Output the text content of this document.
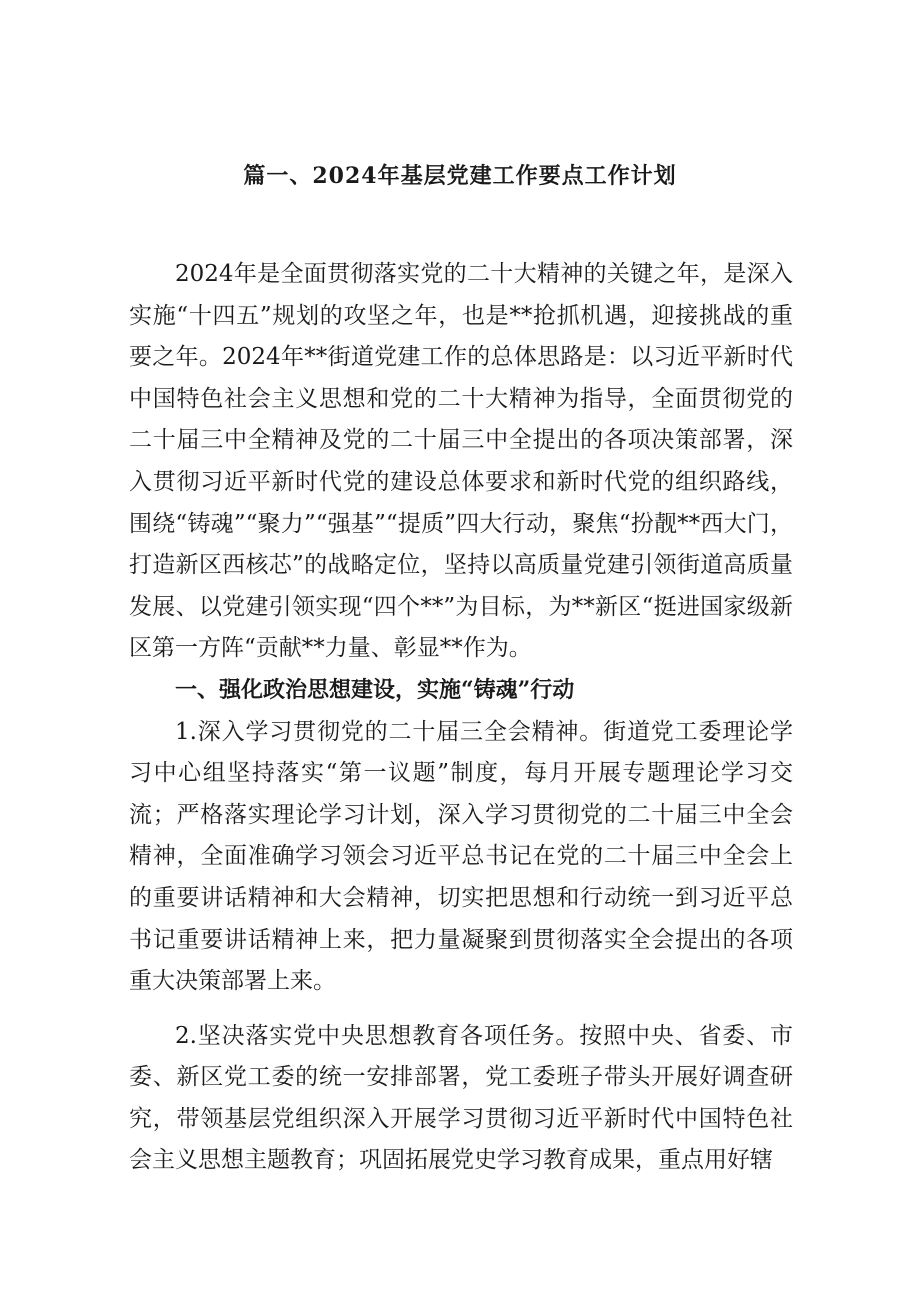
篇一、2024年基层党建工作要点工作计划

2024年是全面贯彻落实党的二十大精神的关键之年，是深入实施“十四五”规划的攻坚之年，也是**抢抓机遇，迎接挑战的重要之年。2024年**街道党建工作的总体思路是：以习近平新时代中国特色社会主义思想和党的二十大精神为指导，全面贯彻党的二十届三中全精神及党的二十届三中全提出的各项决策部署，深入贯彻习近平新时代党的建设总体要求和新时代党的组织路线，围绕“铸魂”“聚力”“强基”“提质”四大行动，聚焦“扮靓**西大门，打造新区西核芯”的战略定位，坚持以高质量党建引领街道高质量发展、以党建引领实现“四个**”为目标，为**新区“挺进国家级新区第一方阵“贡献**力量、彰显**作为。

一、强化政治思想建设，实施“铸魂”行动

1.深入学习贯彻党的二十届三全会精神。街道党工委理论学习中心组坚持落实“第一议题”制度，每月开展专题理论学习交流；严格落实理论学习计划，深入学习贯彻党的二十届三中全会精神，全面准确学习领会习近平总书记在党的二十届三中全会上的重要讲话精神和大会精神，切实把思想和行动统一到习近平总书记重要讲话精神上来，把力量凝聚到贯彻落实全会提出的各项重大决策部署上来。

2.坚决落实党中央思想教育各项任务。按照中央、省委、市委、新区党工委的统一安排部署，党工委班子带头开展好调查研究，带领基层党组织深入开展学习贯彻习近平新时代中国特色社会主义思想主题教育；巩固拓展党史学习教育成果，重点用好辖
